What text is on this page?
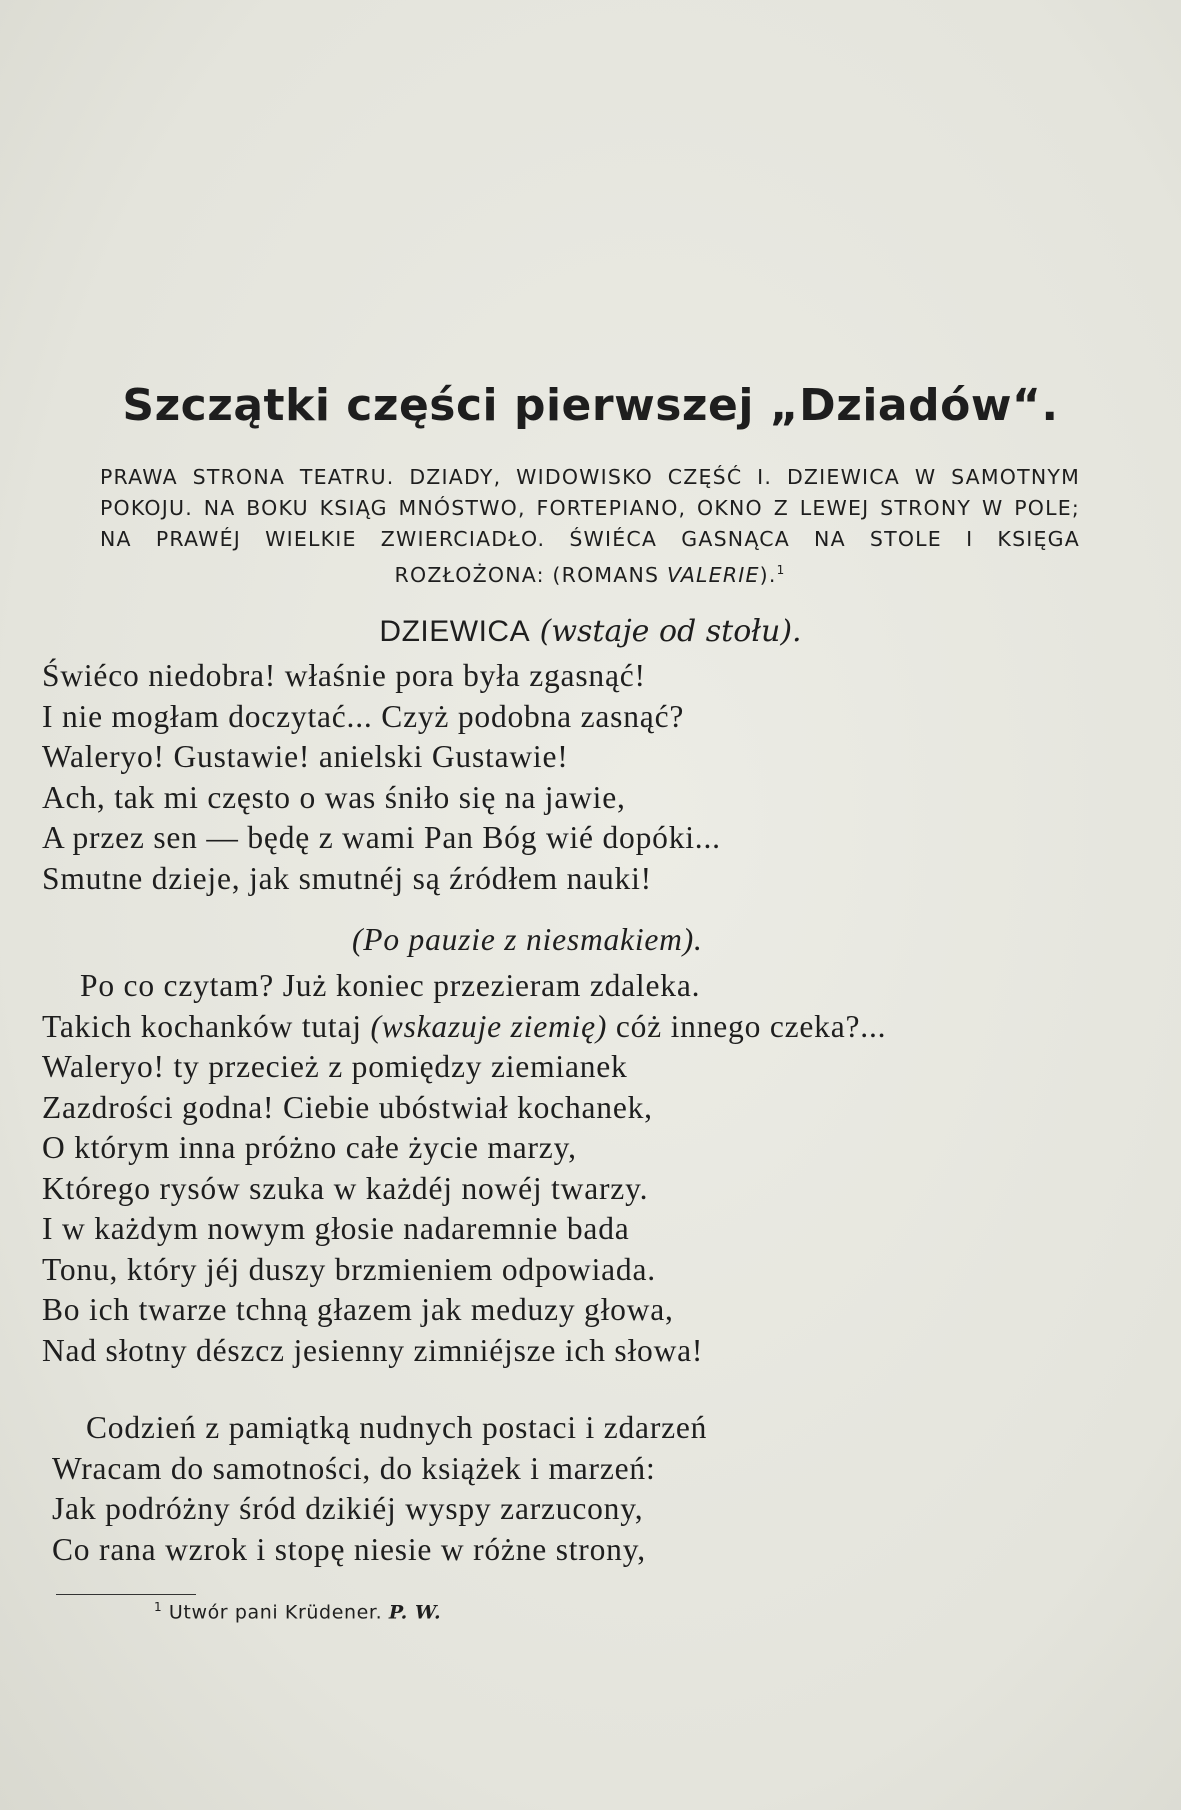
Szczątki części pierwszej „Dziadów“.
PRAWA STRONA TEATRU. DZIADY, WIDOWISKO CZĘŚĆ I. DZIEWICA W SAMOTNYM POKOJU. NA BOKU KSIĄG MNÓSTWO, FORTEPIANO, OKNO Z LEWEJ STRONY W POLE; NA PRAWÉJ WIELKIE ZWIERCIADŁO. ŚWIÉCA GASNĄCA NA STOLE I KSIĘGA ROZŁOŻONA: (ROMANS VALERIE).$^1$
DZIEWICA (wstaje od stołu).
Świéco niedobra! właśnie pora była zgasnąć!
I nie mogłam doczytać... Czyż podobna zasnąć?
Waleryo! Gustawie! anielski Gustawie!
Ach, tak mi często o was śniło się na jawie,
A przez sen — będę z wami Pan Bóg wié dopóki...
Smutne dzieje, jak smutnéj są źródłem nauki!
(Po pauzie z niesmakiem).
Po co czytam? Już koniec przezieram zdaleka.
Takich kochanków tutaj (wskazuje ziemię) cóż innego czeka?...
Waleryo! ty przecież z pomiędzy ziemianek
Zazdrości godna! Ciebie ubóstwiał kochanek,
O którym inna próżno całe życie marzy,
Którego rysów szuka w każdéj nowéj twarzy.
I w każdym nowym głosie nadaremnie bada
Tonu, który jéj duszy brzmieniem odpowiada.
Bo ich twarze tchną głazem jak meduzy głowa,
Nad słotny dészcz jesienny zimniéjsze ich słowa!
Codzień z pamiątką nudnych postaci i zdarzeń
Wracam do samotności, do książek i marzeń:
Jak podróżny śród dzikiéj wyspy zarzucony,
Co rana wzrok i stopę niesie w różne strony,
$^1$ Utwór pani Krüdener. P. W.
